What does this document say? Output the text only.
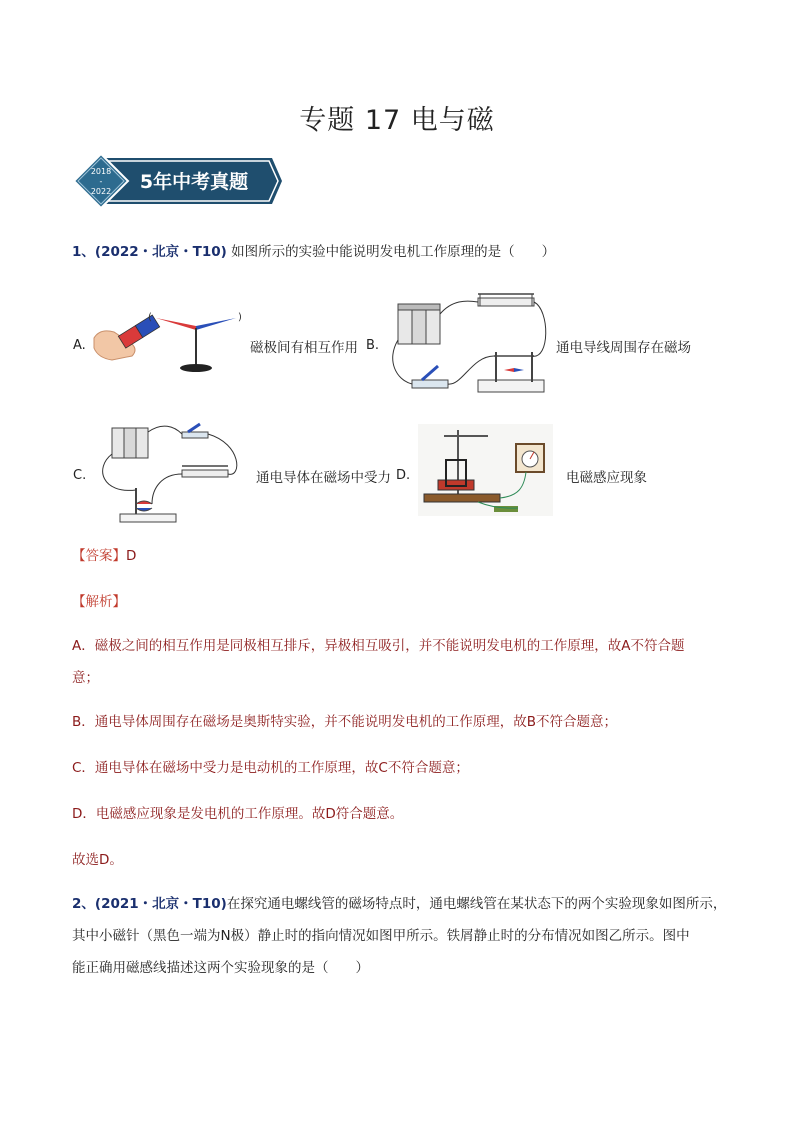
专题 17 电与磁
2018
-
2022 5年中考真题
1、(2022・北京・T10) 如图所示的实验中能说明发电机工作原理的是（　　）
A.
(	)
磁极间有相互作用 B.	通电导线周围存在磁场
C.	通电导体在磁场中受力 D.	电磁感应现象
【答案】D
【解析】
A．磁极之间的相互作用是同极相互排斥，异极相互吸引，并不能说明发电机的工作原理，故A不符合题
意；
B．通电导体周围存在磁场是奥斯特实验，并不能说明发电机的工作原理，故B不符合题意；
C．通电导体在磁场中受力是电动机的工作原理，故C不符合题意；
D．电磁感应现象是发电机的工作原理。故D符合题意。
故选D。
2、(2021・北京・T10)在探究通电螺线管的磁场特点时，通电螺线管在某状态下的两个实验现象如图所示，
其中小磁针（黑色一端为N极）静止时的指向情况如图甲所示。铁屑静止时的分布情况如图乙所示。图中
能正确用磁感线描述这两个实验现象的是（　　）
